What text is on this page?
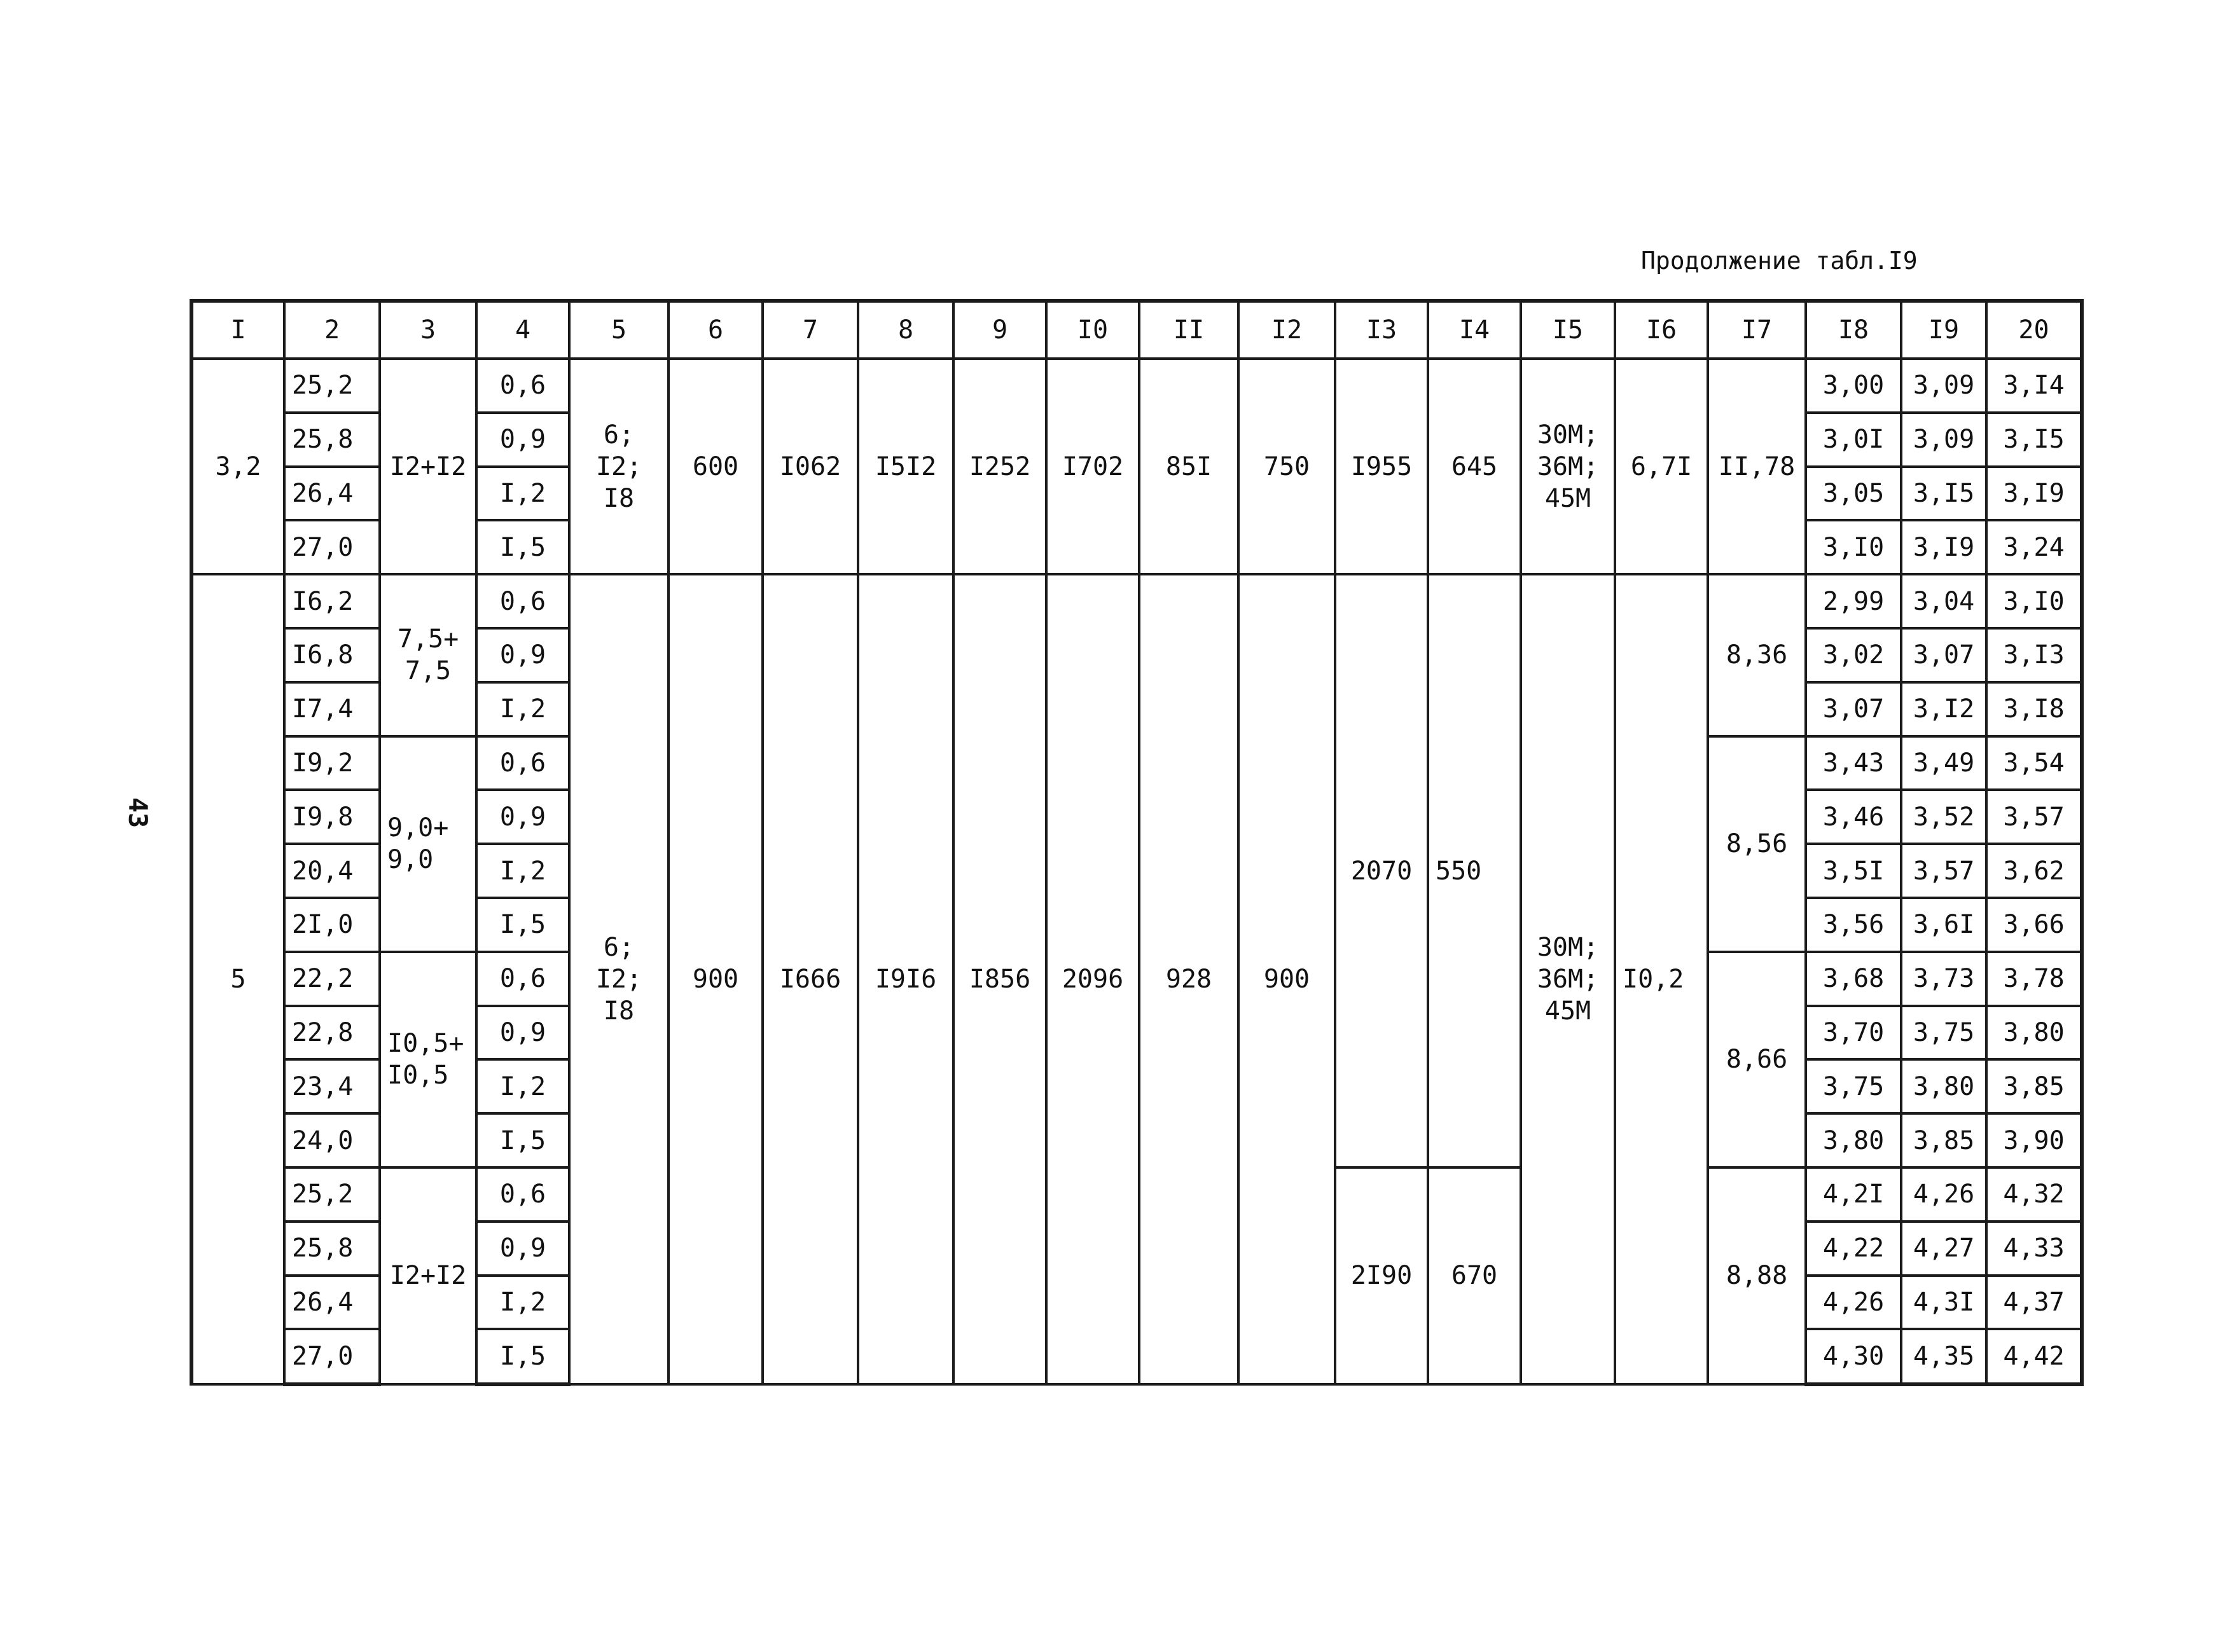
Продолжение табл.I9
43
I	2	3	4	5	6	7	8	9	I0	II	I2	I3	I4	I5	I6	I7	I8	I9	20
3,2	25,2	I2+I2	0,6	6;
I2;
I8	600	I062	I5I2	I252	I702	85I	750	I955	645	30М;
36М;
45М	6,7I	II,78	3,00	3,09	3,I4
	25,8		0,9														3,0I	3,09	3,I5
	26,4		I,2														3,05	3,I5	3,I9
	27,0		I,5														3,I0	3,I9	3,24
5	I6,2	7,5+
7,5	0,6	6;
I2;
I8	900	I666	I9I6	I856	2096	928	900	2070	550	30М;
36М;
45М	I0,2	8,36	2,99	3,04	3,I0
	I6,8		0,9														3,02	3,07	3,I3
	I7,4		I,2														3,07	3,I2	3,I8
	I9,2	9,0+
9,0	0,6													8,56	3,43	3,49	3,54
	I9,8		0,9														3,46	3,52	3,57
	20,4		I,2														3,5I	3,57	3,62
	2I,0		I,5														3,56	3,6I	3,66
	22,2	I0,5+
I0,5	0,6													8,66	3,68	3,73	3,78
	22,8		0,9														3,70	3,75	3,80
	23,4		I,2														3,75	3,80	3,85
	24,0		I,5														3,80	3,85	3,90
	25,2	I2+I2	0,6									2I90	670			8,88	4,2I	4,26	4,32
	25,8		0,9														4,22	4,27	4,33
	26,4		I,2														4,26	4,3I	4,37
	27,0		I,5														4,30	4,35	4,42
